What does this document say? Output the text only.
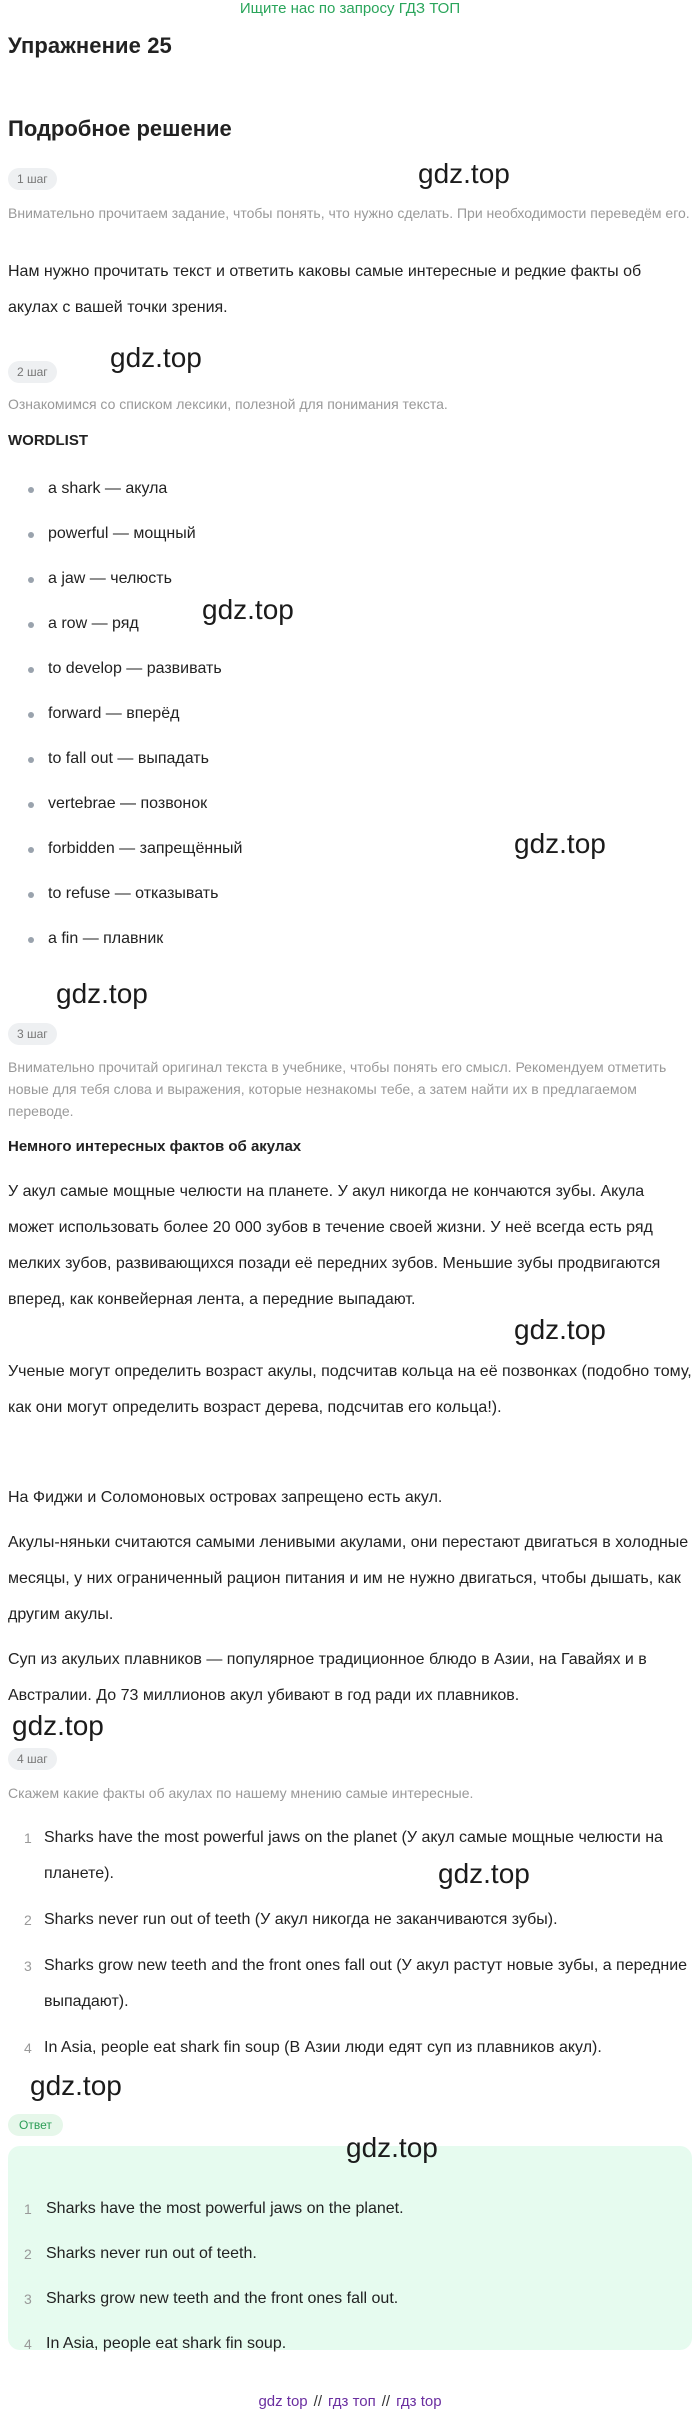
Ищите нас по запросу ГДЗ ТОП
Упражнение 25
Подробное решение
1 шаг

Внимательно прочитаем задание, чтобы понять, что нужно сделать. При необходимости переведём его.

Нам нужно прочитать текст и ответить каковы самые интересные и редкие факты об акулах с вашей точки зрения.

2 шаг

Ознакомимся со списком лексики, полезной для понимания текста.

WORDLIST
a shark — акула
powerful — мощный
a jaw — челюсть
a row — ряд
to develop — развивать
forward — вперёд
to fall out — выпадать
vertebrae — позвонок
forbidden — запрещённый
to refuse — отказывать
a fin — плавник
3 шаг

Внимательно прочитай оригинал текста в учебнике, чтобы понять его смысл. Рекомендуем отметить новые для тебя слова и выражения, которые незнакомы тебе, а затем найти их в предлагаемом переводе.

Немного интересных фактов об акулах

У акул самые мощные челюсти на планете. У акул никогда не кончаются зубы. Акула может использовать более 20 000 зубов в течение своей жизни. У неё всегда есть ряд мелких зубов, развивающихся позади её передних зубов. Меньшие зубы продвигаются вперед, как конвейерная лента, а передние выпадают.

Ученые могут определить возраст акулы, подсчитав кольца на её позвонках (подобно тому, как они могут определить возраст дерева, подсчитав его кольца!).

На Фиджи и Соломоновых островах запрещено есть акул.

Акулы-няньки считаются самыми ленивыми акулами, они перестают двигаться в холодные месяцы, у них ограниченный рацион питания и им не нужно двигаться, чтобы дышать, как другим акулы.

Суп из акульих плавников — популярное традиционное блюдо в Азии, на Гавайях и в Австралии. До 73 миллионов акул убивают в год ради их плавников.

4 шаг

Скажем какие факты об акулах по нашему мнению самые интересные.

1 Sharks have the most powerful jaws on the planet (У акул самые мощные челюсти на планете).
2 Sharks never run out of teeth (У акул никогда не заканчиваются зубы).
3 Sharks grow new teeth and the front ones fall out (У акул растут новые зубы, а передние выпадают).
4 In Asia, people eat shark fin soup (В Азии люди едят суп из плавников акул).
Ответ
1 Sharks have the most powerful jaws on the planet.
2 Sharks never run out of teeth.
3 Sharks grow new teeth and the front ones fall out.
4 In Asia, people eat shark fin soup.
gdz.top
gdz.top
gdz.top
gdz.top
gdz.top
gdz.top
gdz.top
gdz.top
gdz.top
gdz.top
gdz top // гдз топ // гдз top
